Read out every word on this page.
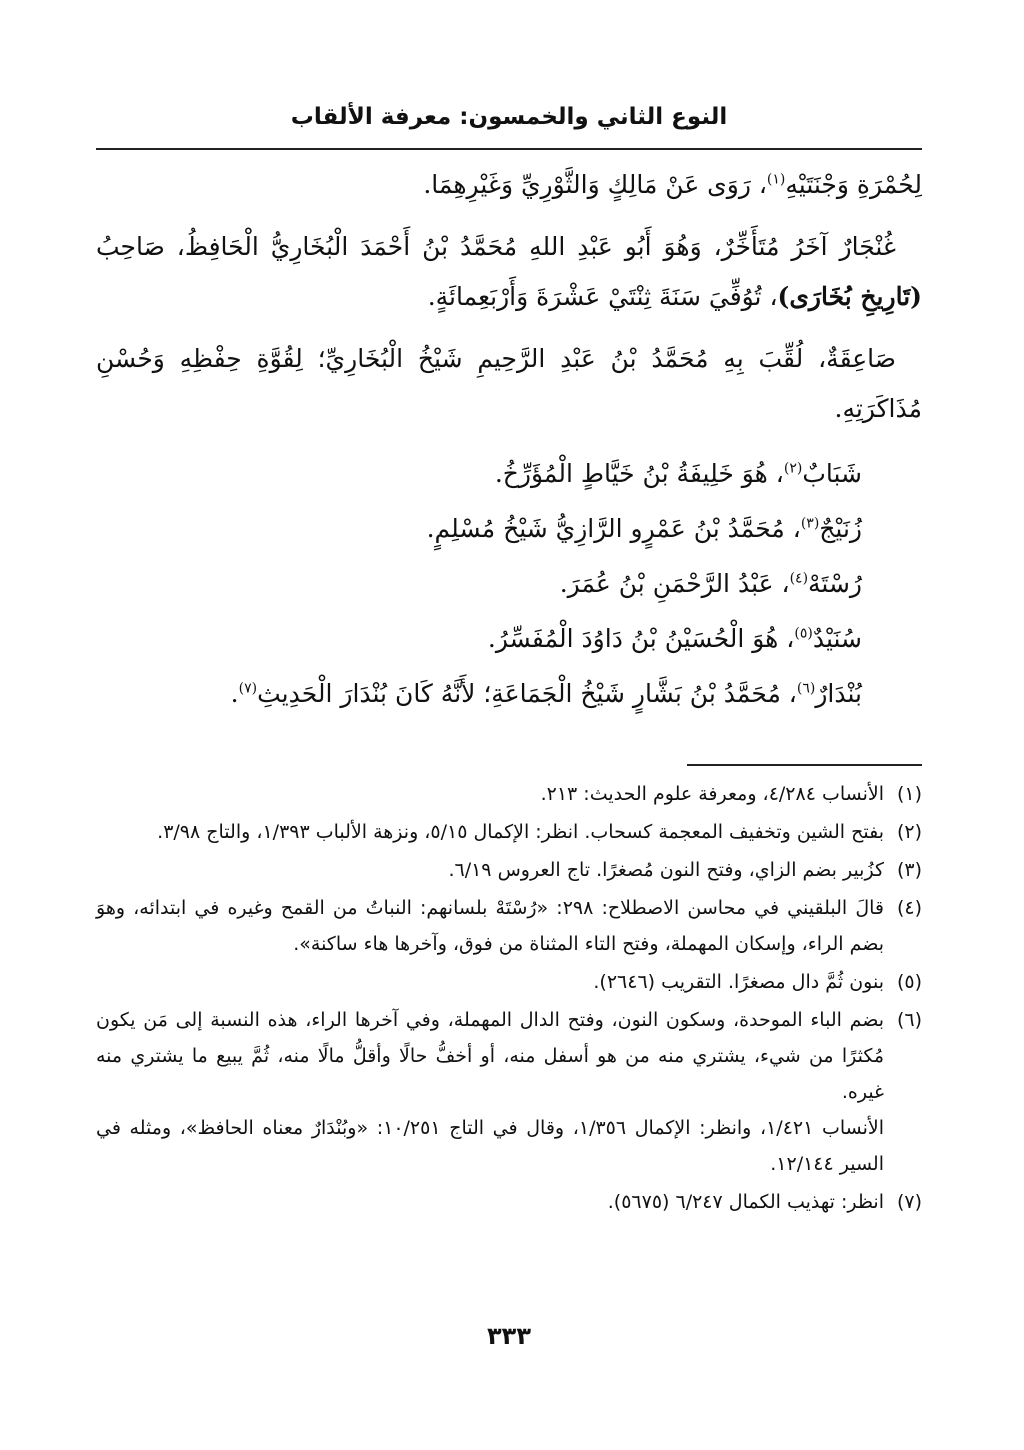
النوع الثاني والخمسون: معرفة الألقاب

لِحُمْرَةِ وَجْنَتَيْهِ$^{(١)}$، رَوَى عَنْ مَالِكٍ وَالثَّوْرِيِّ وَغَيْرِهِمَا.

غُنْجَارٌ آخَرُ مُتَأَخِّرٌ، وَهُوَ أَبُو عَبْدِ اللهِ مُحَمَّدُ بْنُ أَحْمَدَ الْبُخَارِيُّ الْحَافِظُ، صَاحِبُ (تَارِيخِ بُخَارَى)، تُوُفِّيَ سَنَةَ ثِنْتَيْ عَشْرَةَ وَأَرْبَعِمائَةٍ.

صَاعِقَةٌ، لُقِّبَ بِهِ مُحَمَّدُ بْنُ عَبْدِ الرَّحِيمِ شَيْخُ الْبُخَارِيِّ؛ لِقُوَّةِ حِفْظِهِ وَحُسْنِ مُذَاكَرَتِهِ.

شَبَابٌ$^{(٢)}$، هُوَ خَلِيفَةُ بْنُ خَيَّاطٍ الْمُؤَرِّخُ.

زُنَيْجٌ$^{(٣)}$، مُحَمَّدُ بْنُ عَمْرٍو الرَّازِيُّ شَيْخُ مُسْلِمٍ.

رُسْتَهْ$^{(٤)}$، عَبْدُ الرَّحْمَنِ بْنُ عُمَرَ.

سُنَيْدٌ$^{(٥)}$، هُوَ الْحُسَيْنُ بْنُ دَاوُدَ الْمُفَسِّرُ.

بُنْدَارٌ$^{(٦)}$، مُحَمَّدُ بْنُ بَشَّارٍ شَيْخُ الْجَمَاعَةِ؛ لأَنَّهُ كَانَ بُنْدَارَ الْحَدِيثِ$^{(٧)}$.

(١)

الأنساب ٤/٢٨٤، ومعرفة علوم الحديث: ٢١٣.

(٢)

بفتح الشين وتخفيف المعجمة كسحاب. انظر: الإكمال ٥/١٥، ونزهة الألباب ١/٣٩٣، والتاج ٣/٩٨.

(٣)

كزُبير بضم الزاي، وفتح النون مُصغرًا. تاج العروس ٦/١٩.

(٤)

قالَ البلقيني في محاسن الاصطلاح: ٢٩٨: «رُسْتَهْ بلسانهم: النباتُ من القمح وغيره في ابتدائه، وهوَ بضم الراء، وإسكان المهملة، وفتح التاء المثناة من فوق، وآخرها هاء ساكنة».

(٥)

بنون ثُمَّ دال مصغرًا. التقريب (٢٦٤٦).

(٦)

بضم الباء الموحدة، وسكون النون، وفتح الدال المهملة، وفي آخرها الراء، هذه النسبة إلى مَن يكون مُكثرًا من شيء، يشتري منه من هو أسفل منه، أو أخفُّ حالًا وأقلُّ مالًا منه، ثُمَّ يبيع ما يشتري منه غيره.

الأنساب ١/٤٢١، وانظر: الإكمال ١/٣٥٦، وقال في التاج ١٠/٢٥١: «وبُنْدَارٌ معناه الحافظ»، ومثله في السير ١٢/١٤٤.

(٧)

انظر: تهذيب الكمال ٦/٢٤٧ (٥٦٧٥).

٣٣٣
